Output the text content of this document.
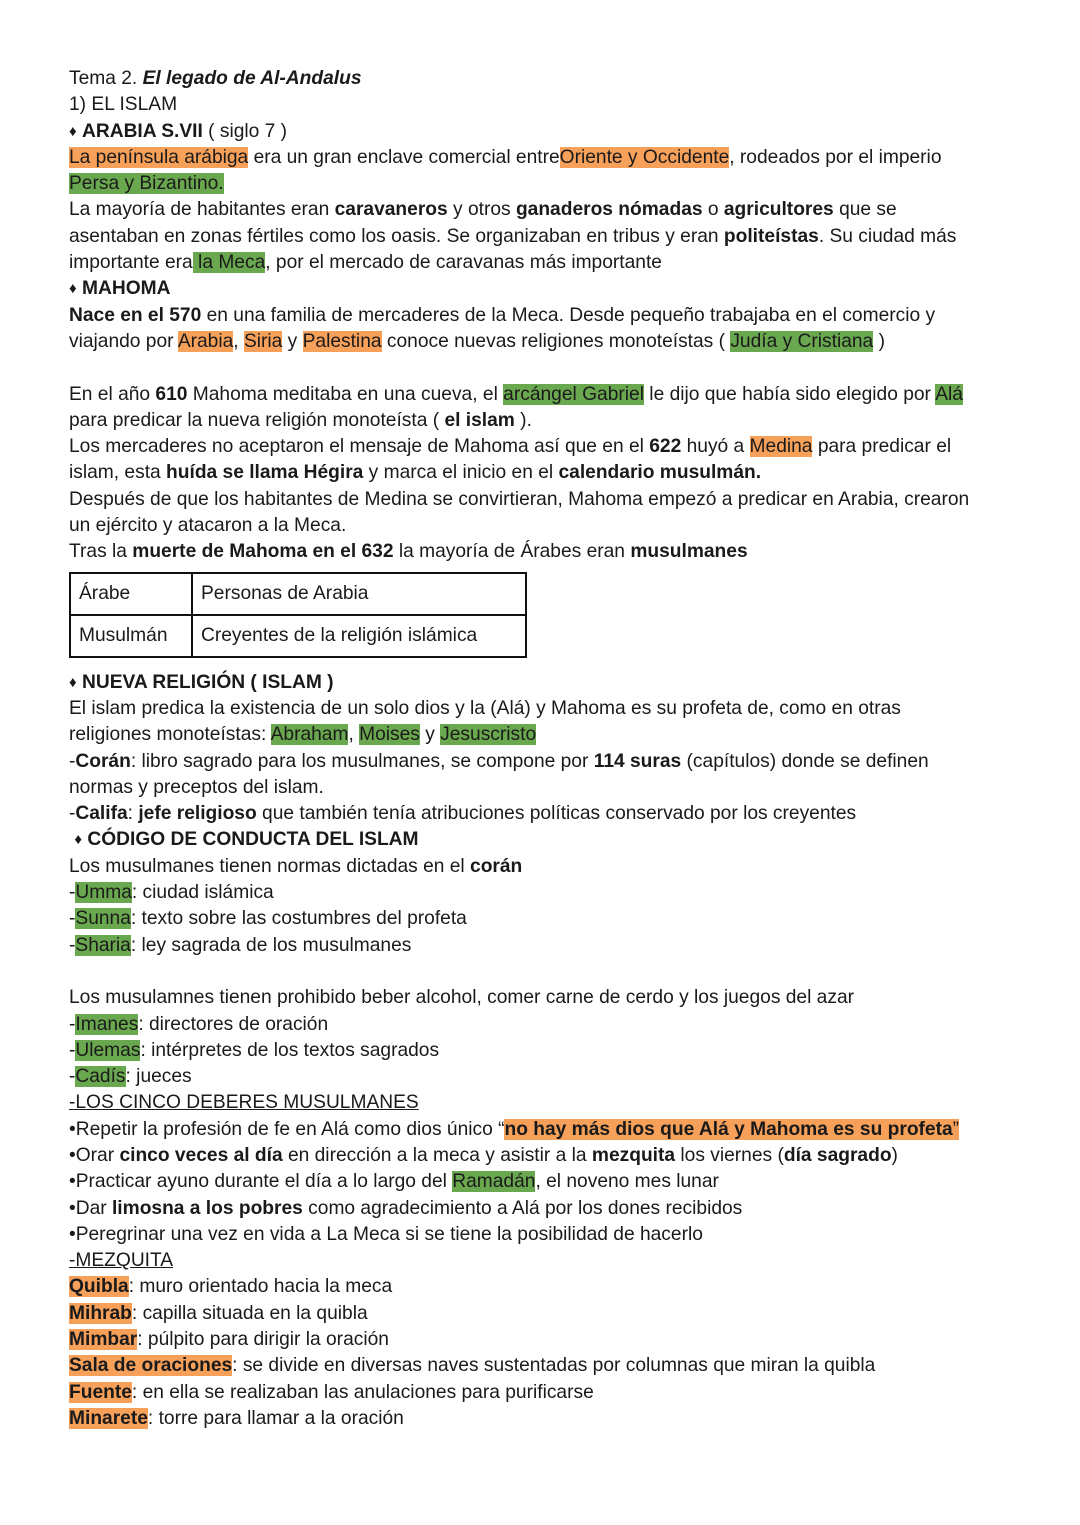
Tema 2. El legado de Al-Andalus
1) EL ISLAM
♦ ARABIA S.VII ( siglo 7 )
La península arábiga era un gran enclave comercial entreOriente y Occidente, rodeados por el imperio
Persa y Bizantino.
La mayoría de habitantes eran caravaneros y otros ganaderos nómadas o agricultores que se
asentaban en zonas fértiles como los oasis. Se organizaban en tribus y eran politeístas. Su ciudad más
importante era la Meca, por el mercado de caravanas más importante
♦ MAHOMA
Nace en el 570 en una familia de mercaderes de la Meca. Desde pequeño trabajaba en el comercio y
viajando por Arabia, Siria y Palestina conoce nuevas religiones monoteístas ( Judía y Cristiana )
En el año 610 Mahoma meditaba en una cueva, el arcángel Gabriel le dijo que había sido elegido por Alá
para predicar la nueva religión monoteísta ( el islam ).
Los mercaderes no aceptaron el mensaje de Mahoma así que en el 622 huyó a Medina para predicar el
islam, esta huída se llama Hégira y marca el inicio en el calendario musulmán.
Después de que los habitantes de Medina se convirtieran, Mahoma empezó a predicar en Arabia, crearon
un ejército y atacaron a la Meca.
Tras la muerte de Mahoma en el 632 la mayoría de Árabes eran musulmanes
Árabe	Personas de Arabia
Musulmán	Creyentes de la religión islámica
♦ NUEVA RELIGIÓN ( ISLAM )
El islam predica la existencia de un solo dios y la (Alá) y Mahoma es su profeta de, como en otras
religiones monoteístas: Abraham, Moises y Jesuscristo
-Corán: libro sagrado para los musulmanes, se compone por 114 suras (capítulos) donde se definen
normas y preceptos del islam.
-Califa: jefe religioso que también tenía atribuciones políticas conservado por los creyentes
♦ CÓDIGO DE CONDUCTA DEL ISLAM
Los musulmanes tienen normas dictadas en el corán
-Umma: ciudad islámica
-Sunna: texto sobre las costumbres del profeta
-Sharia: ley sagrada de los musulmanes
Los musulamnes tienen prohibido beber alcohol, comer carne de cerdo y los juegos del azar
-Imanes: directores de oración
-Ulemas: intérpretes de los textos sagrados
-Cadís: jueces
-LOS CINCO DEBERES MUSULMANES
•Repetir la profesión de fe en Alá como dios único “no hay más dios que Alá y Mahoma es su profeta”
•Orar cinco veces al día en dirección a la meca y asistir a la mezquita los viernes (día sagrado)
•Practicar ayuno durante el día a lo largo del Ramadán, el noveno mes lunar
•Dar limosna a los pobres como agradecimiento a Alá por los dones recibidos
•Peregrinar una vez en vida a La Meca si se tiene la posibilidad de hacerlo
-MEZQUITA
Quibla: muro orientado hacia la meca
Mihrab: capilla situada en la quibla
Mimbar: púlpito para dirigir la oración
Sala de oraciones: se divide en diversas naves sustentadas por columnas que miran la quibla
Fuente: en ella se realizaban las anulaciones para purificarse
Minarete: torre para llamar a la oración
